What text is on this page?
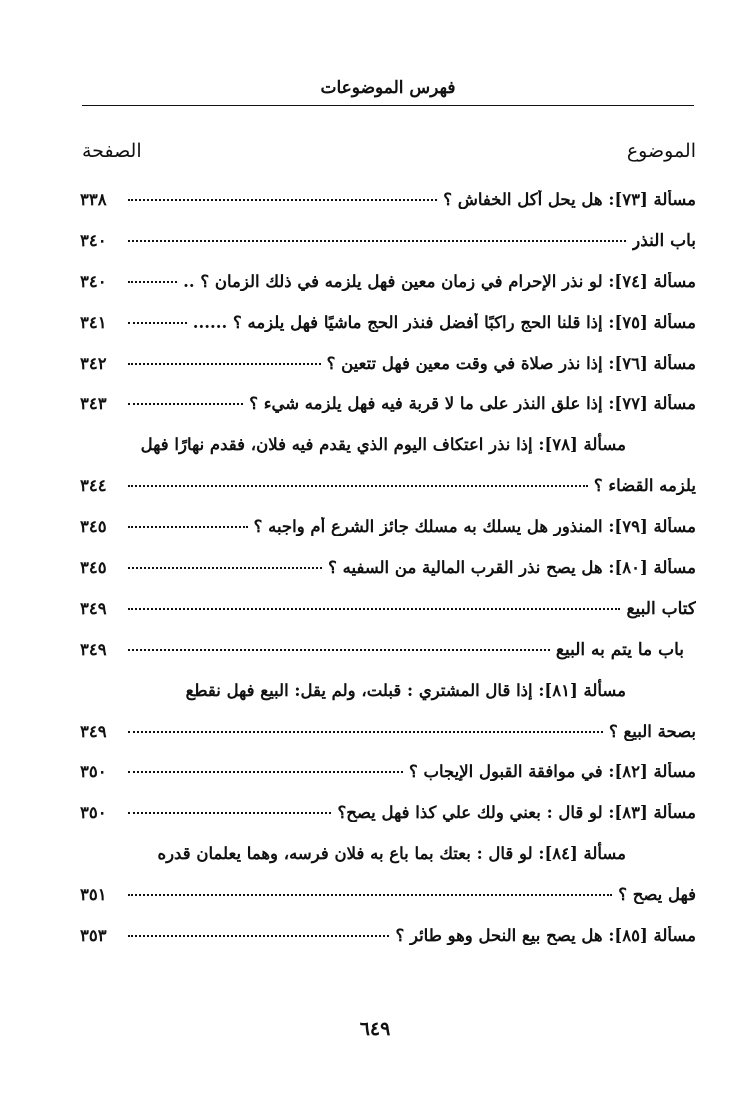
فهرس الموضوعات
الموضوع
الصفحة
مسألة [٧٣]: هل يحل أكل الخفاش ؟
٣٣٨
باب النذر
٣٤٠
مسألة [٧٤]: لو نذر الإحرام في زمان معين فهل يلزمه في ذلك الزمان ؟ ..
٣٤٠
مسألة [٧٥]: إذا قلنا الحج راكبًا أفضل فنذر الحج ماشيًا فهل يلزمه ؟ ......
٣٤١
مسألة [٧٦]: إذا نذر صلاة في وقت معين فهل تتعين ؟
٣٤٢
مسألة [٧٧]: إذا علق النذر على ما لا قربة فيه فهل يلزمه شيء ؟
٣٤٣
مسألة [٧٨]: إذا نذر اعتكاف اليوم الذي يقدم فيه فلان، فقدم نهارًا فهل
يلزمه القضاء ؟
٣٤٤
مسألة [٧٩]: المنذور هل يسلك به مسلك جائز الشرع أم واجبه ؟
٣٤٥
مسألة [٨٠]: هل يصح نذر القرب المالية من السفيه ؟
٣٤٥
كتاب البيع
٣٤٩
باب ما يتم به البيع
٣٤٩
مسألة [٨١]: إذا قال المشتري : قبلت، ولم يقل: البيع فهل نقطع
بصحة البيع ؟
٣٤٩
مسألة [٨٢]: في موافقة القبول الإيجاب ؟
٣٥٠
مسألة [٨٣]: لو قال : بعني ولك علي كذا فهل يصح؟
٣٥٠
مسألة [٨٤]: لو قال : بعتك بما باع به فلان فرسه، وهما يعلمان قدره
فهل يصح ؟
٣٥١
مسألة [٨٥]: هل يصح بيع النحل وهو طائر ؟
٣٥٣
٦٤٩
